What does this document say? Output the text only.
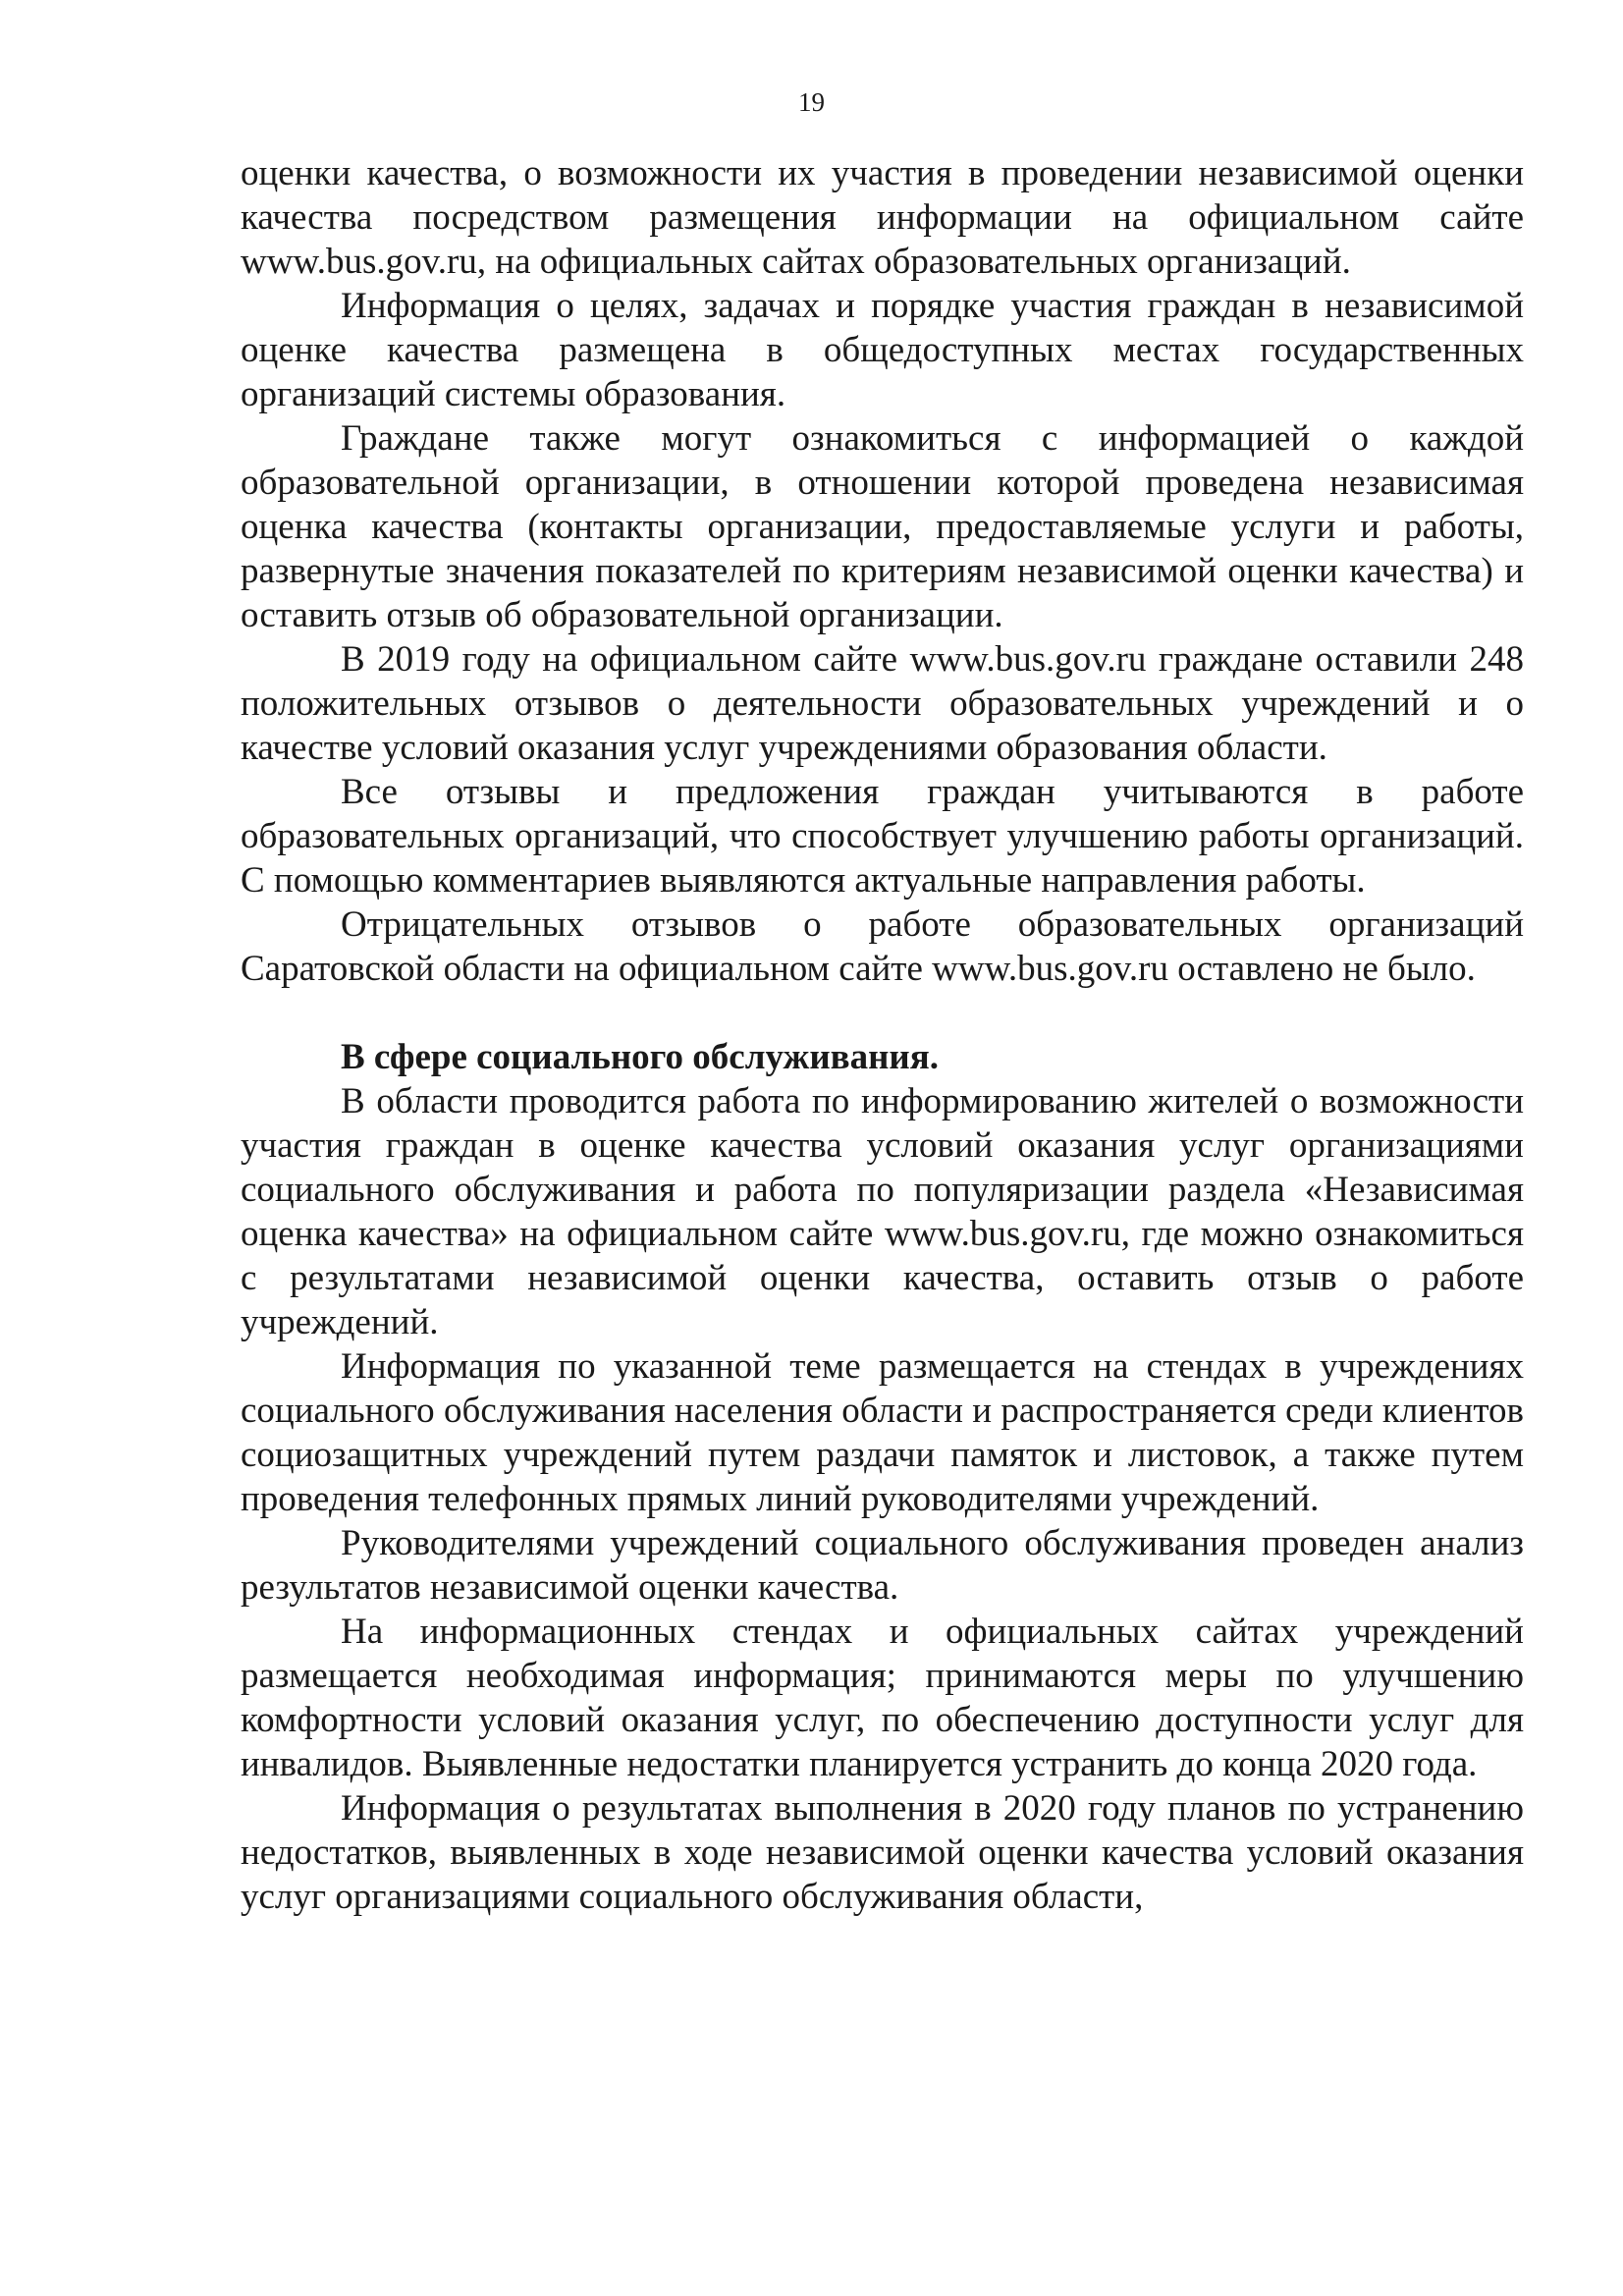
19

оценки качества, о возможности их участия в проведении независимой оценки качества посредством размещения информации на официальном сайте www.bus.gov.ru, на официальных сайтах образовательных организаций.

Информация о целях, задачах и порядке участия граждан в независимой оценке качества размещена в общедоступных местах государственных организаций системы образования.

Граждане также могут ознакомиться с информацией о каждой образовательной организации, в отношении которой проведена независимая оценка качества (контакты организации, предоставляемые услуги и работы, развернутые значения показателей по критериям независимой оценки качества) и оставить отзыв об образовательной организации.

В 2019 году на официальном сайте www.bus.gov.ru граждане оставили 248 положительных отзывов о деятельности образовательных учреждений и о качестве условий оказания услуг учреждениями образования области.

Все отзывы и предложения граждан учитываются в работе образовательных организаций, что способствует улучшению работы организаций. С помощью комментариев выявляются актуальные направления работы.

Отрицательных отзывов о работе образовательных организаций Саратовской области на официальном сайте www.bus.gov.ru оставлено не было.

В сфере социального обслуживания.

В области проводится работа по информированию жителей о возможности участия граждан в оценке качества условий оказания услуг организациями социального обслуживания и работа по популяризации раздела «Независимая оценка качества» на официальном сайте www.bus.gov.ru, где можно ознакомиться с результатами независимой оценки качества, оставить отзыв о работе учреждений.

Информация по указанной теме размещается на стендах в учреждениях социального обслуживания населения области и распространяется среди клиентов социозащитных учреждений путем раздачи памяток и листовок, а также путем проведения телефонных прямых линий руководителями учреждений.

Руководителями учреждений социального обслуживания проведен анализ результатов независимой оценки качества.

На информационных стендах и официальных сайтах учреждений размещается необходимая информация; принимаются меры по улучшению комфортности условий оказания услуг, по обеспечению доступности услуг для инвалидов. Выявленные недостатки планируется устранить до конца 2020 года.

Информация о результатах выполнения в 2020 году планов по устранению недостатков, выявленных в ходе независимой оценки качества условий оказания услуг организациями социального обслуживания области,
